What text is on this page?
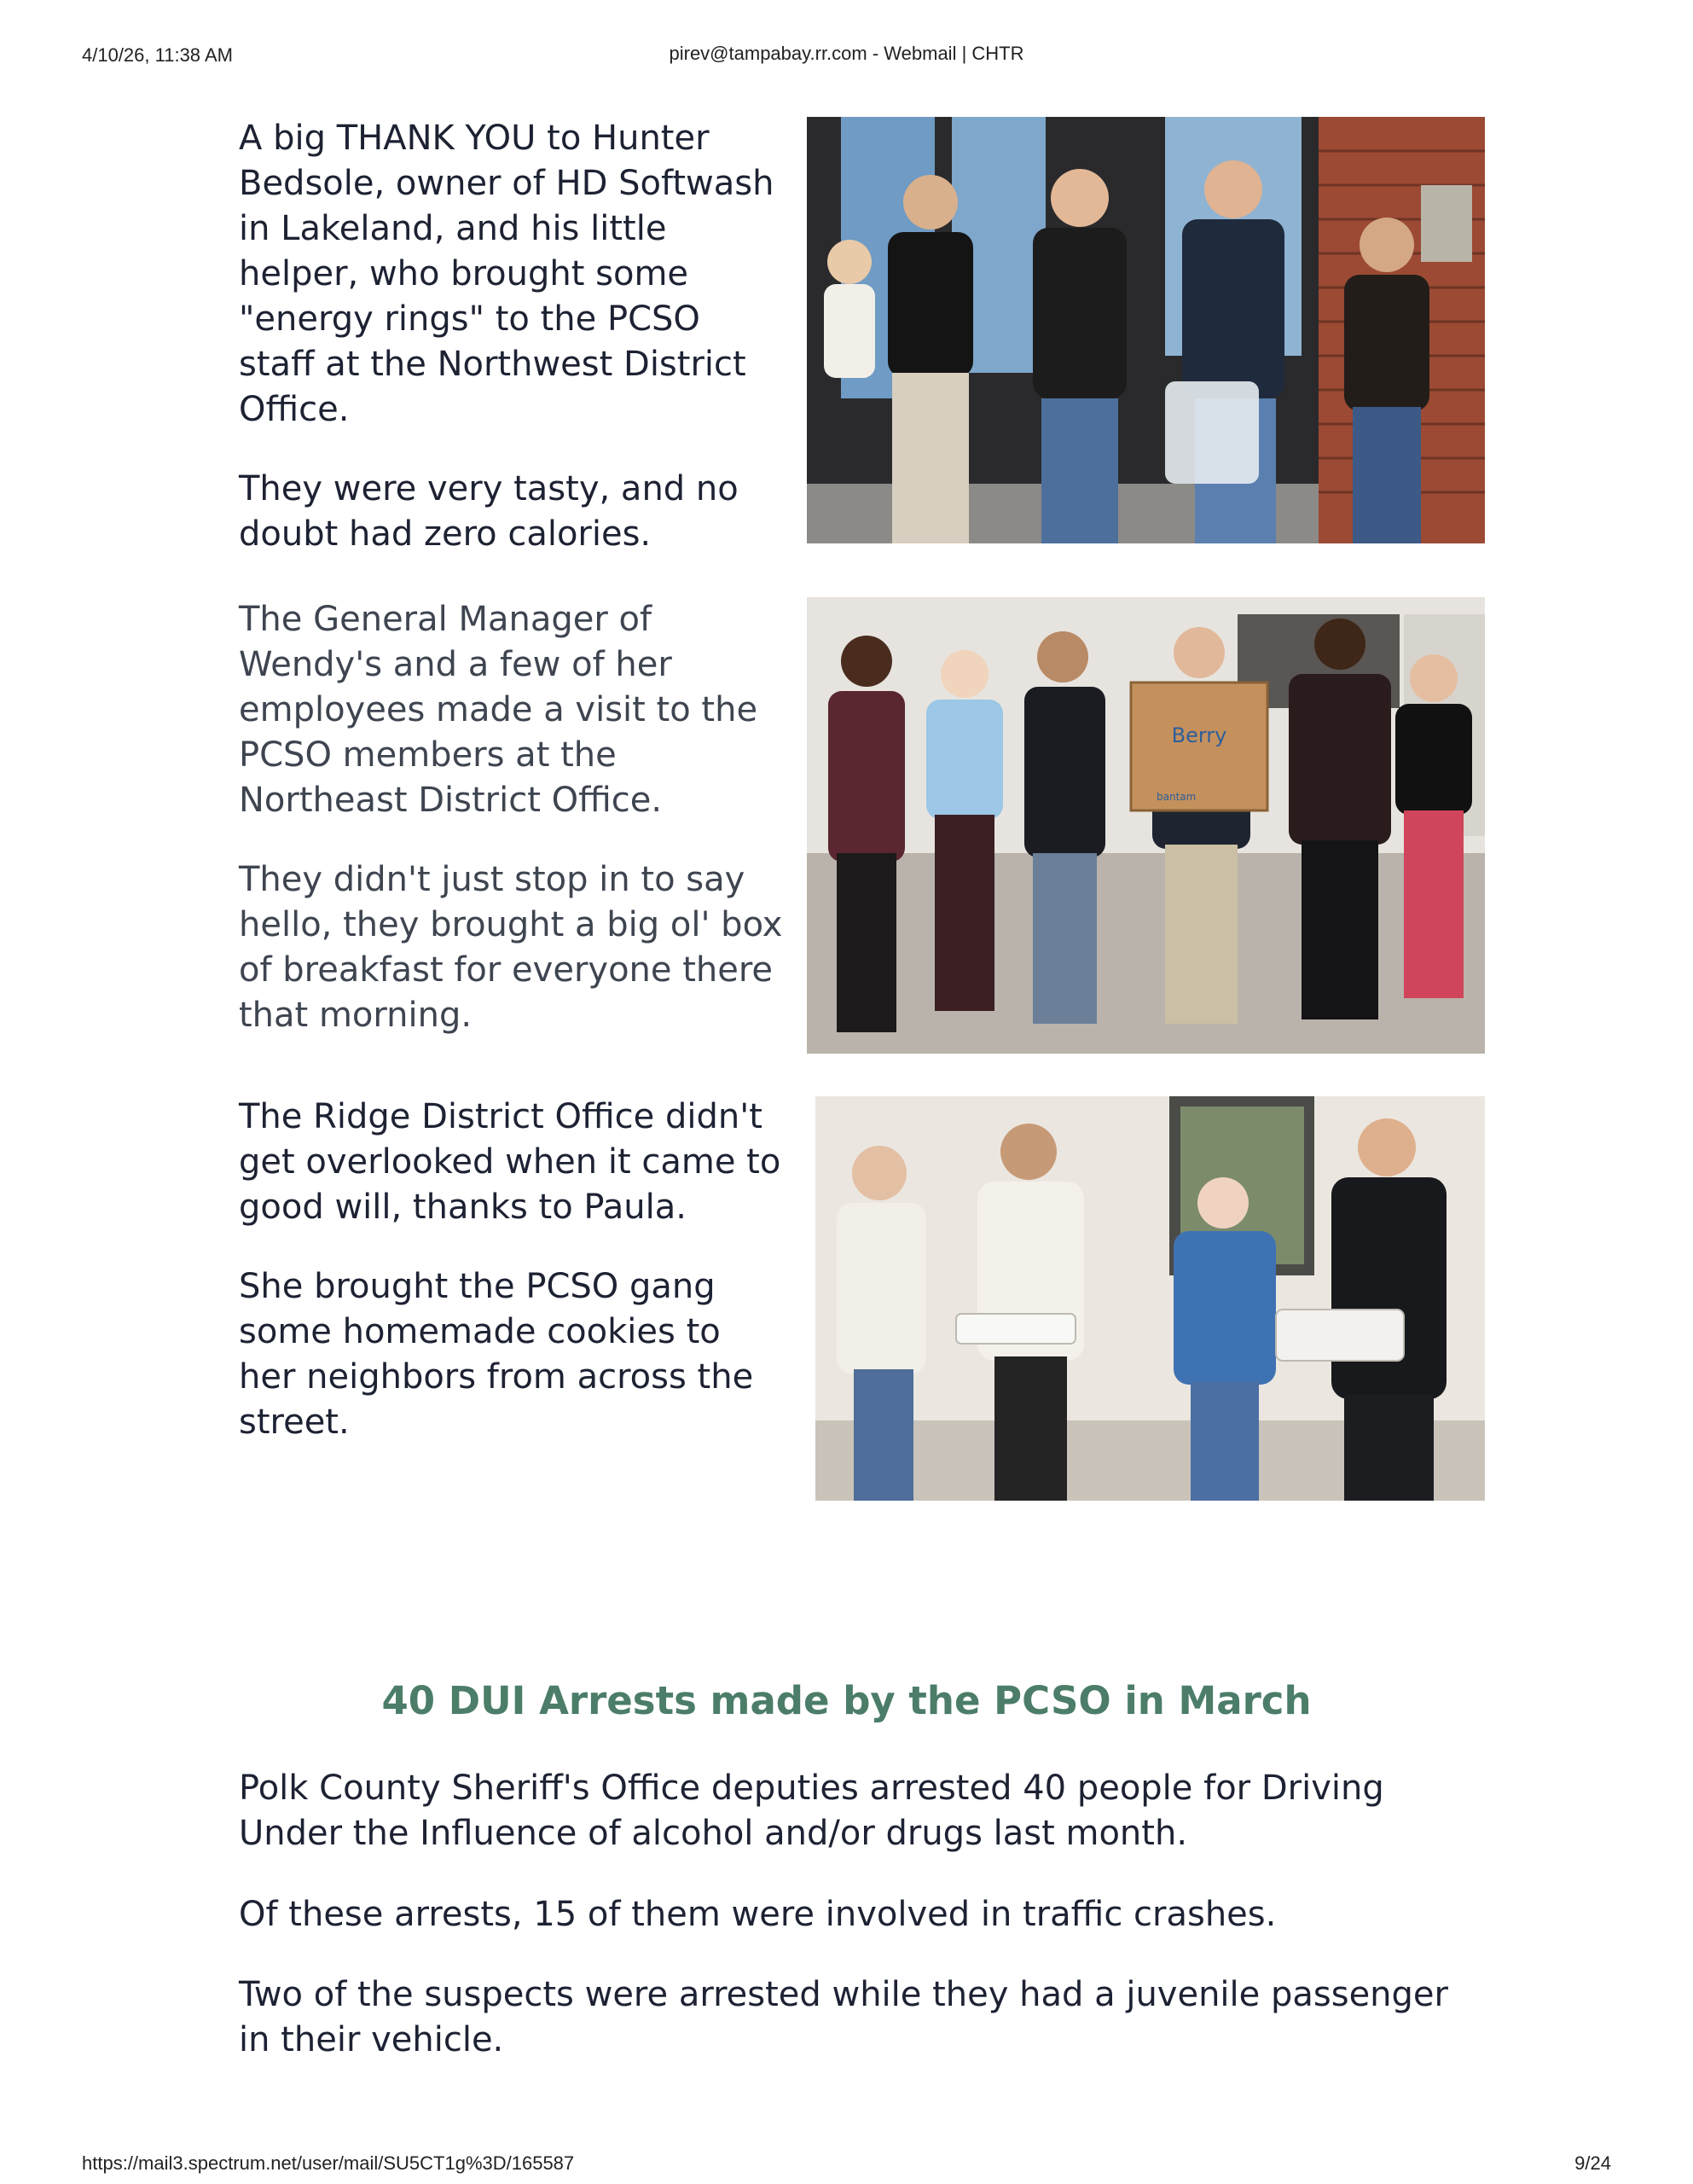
4/10/26, 11:38 AM	pirev@tampabay.rr.com - Webmail | CHTR

A big THANK YOU to Hunter Bedsole, owner of HD Softwash in Lakeland, and his little helper, who brought some "energy rings" to the PCSO staff at the Northwest District Office.

They were very tasty, and no doubt had zero calories.

The General Manager of Wendy's and a few of her employees made a visit to the PCSO members at the Northeast District Office.

They didn't just stop in to say hello, they brought a big ol' box of breakfast for everyone there that morning.

Berry
bantam

The Ridge District Office didn't get overlooked when it came to good will, thanks to Paula.

She brought the PCSO gang some homemade cookies to her neighbors from across the street.

40 DUI Arrests made by the PCSO in March
Polk County Sheriff's Office deputies arrested 40 people for Driving Under the Influence of alcohol and/or drugs last month.
Of these arrests, 15 of them were involved in traffic crashes.
Two of the suspects were arrested while they had a juvenile passenger in their vehicle.
https://mail3.spectrum.net/user/mail/SU5CT1g%3D/165587	9/24
